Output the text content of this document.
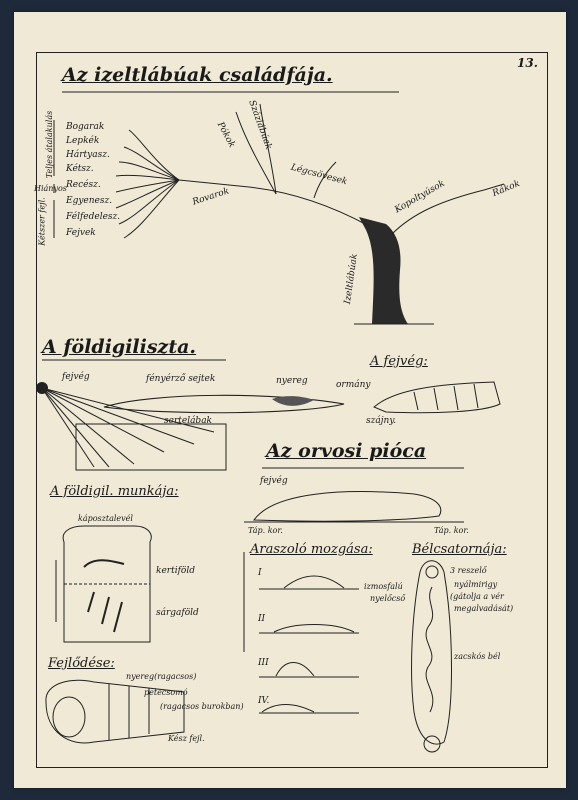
13.
Az izeltlábúak családfája.
Rovarok
Légcsövesek
Pókok Százlábúak
Kopoltyúsok	Rákok
Izeltlábúak
Teljes átalakulás
Hiányos
Kétszer fejl.
Bogarak
Lepkék
Hártyasz.
Kétsz.
Recész.
Egyenesz.
Félfedelesz.
Fejvek
A földigiliszta.
fejvég	fényérző sejtek	nyereg
sertelábak
A fejvég:
ormány
szájny.
A földigil. munkája:
káposztalevél
kertiföld
sárgaföld
Fejlődése:
nyereg(ragacsos)
petecsomó
(ragacsos burokban)
Kész fejl.
Az orvosi pióca
fejvég
Táp. kor.	Táp. kor.
Araszoló mozgása:
I
II
III
IV.
izmosfalú
nyelőcső
Bélcsatornája:
3 reszelő
nyálmirigy
(gátolja a vér
megalvadását)
zacskós bél
